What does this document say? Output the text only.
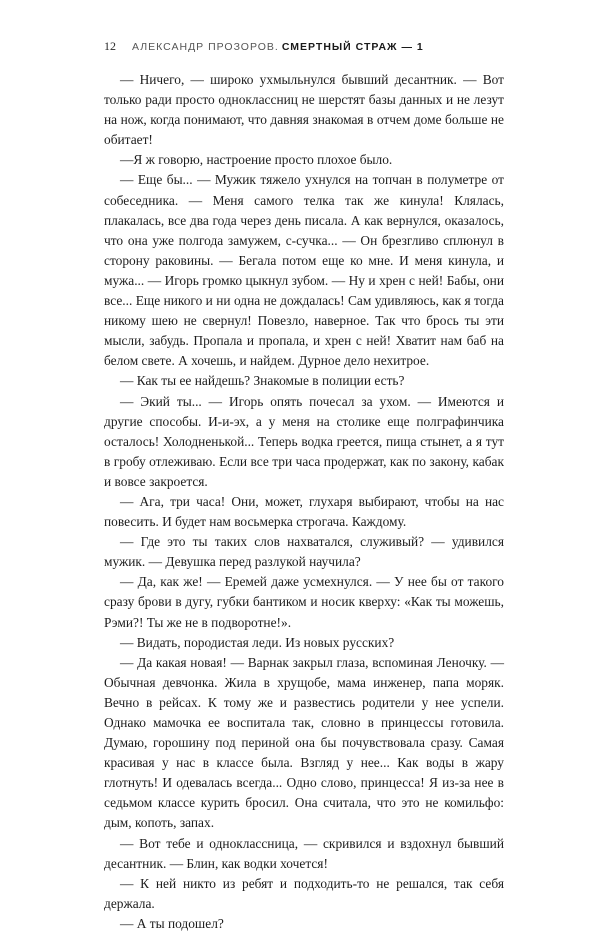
12 АЛЕКСАНДР ПРОЗОРОВ. СМЕРТНЫЙ СТРАЖ — 1

— Ничего, — широко ухмыльнулся бывший десантник. — Вот только ради просто одноклассниц не шерстят базы данных и не лезут на нож, когда понимают, что давняя знакомая в отчем доме больше не обитает!

—Я ж говорю, настроение просто плохое было.

— Еще бы... — Мужик тяжело ухнулся на топчан в полуметре от собеседника. — Меня самого телка так же кинула! Клялась, плакалась, все два года через день писала. А как вернулся, оказалось, что она уже полгода замужем, с-сучка... — Он брезгливо сплюнул в сторону раковины. — Бегала потом еще ко мне. И меня кинула, и мужа... — Игорь громко цыкнул зубом. — Ну и хрен с ней! Бабы, они все... Еще никого и ни одна не дождалась! Сам удивляюсь, как я тогда никому шею не свернул! Повезло, наверное. Так что брось ты эти мысли, забудь. Пропала и пропала, и хрен с ней! Хватит нам баб на белом свете. А хочешь, и найдем. Дурное дело нехитрое.

— Как ты ее найдешь? Знакомые в полиции есть?

— Экий ты... — Игорь опять почесал за ухом. — Имеются и другие способы. И-и-эх, а у меня на столике еще полграфинчика осталось! Холодненькой... Теперь водка греется, пища стынет, а я тут в гробу отлеживаю. Если все три часа продержат, как по закону, кабак и вовсе закроется.

— Ага, три часа! Они, может, глухаря выбирают, чтобы на нас повесить. И будет нам восьмерка строгача. Каждому.

— Где это ты таких слов нахватался, служивый? — удивился мужик. — Девушка перед разлукой научила?

— Да, как же! — Еремей даже усмехнулся. — У нее бы от такого сразу брови в дугу, губки бантиком и носик кверху: «Как ты можешь, Рэми?! Ты же не в подворотне!».

— Видать, породистая леди. Из новых русских?

— Да какая новая! — Варнак закрыл глаза, вспоминая Леночку. — Обычная девчонка. Жила в хрущобе, мама инженер, папа моряк. Вечно в рейсах. К тому же и развестись родители у нее успели. Однако мамочка ее воспитала так, словно в принцессы готовила. Думаю, горошину под периной она бы почувствовала сразу. Самая красивая у нас в классе была. Взгляд у нее... Как воды в жару глотнуть! И одевалась всегда... Одно слово, принцесса! Я из-за нее в седьмом классе курить бросил. Она считала, что это не комильфо: дым, копоть, запах.

— Вот тебе и одноклассница, — скривился и вздохнул бывший десантник. — Блин, как водки хочется!

— К ней никто из ребят и подходить-то не решался, так себя держала.

— А ты подошел?
